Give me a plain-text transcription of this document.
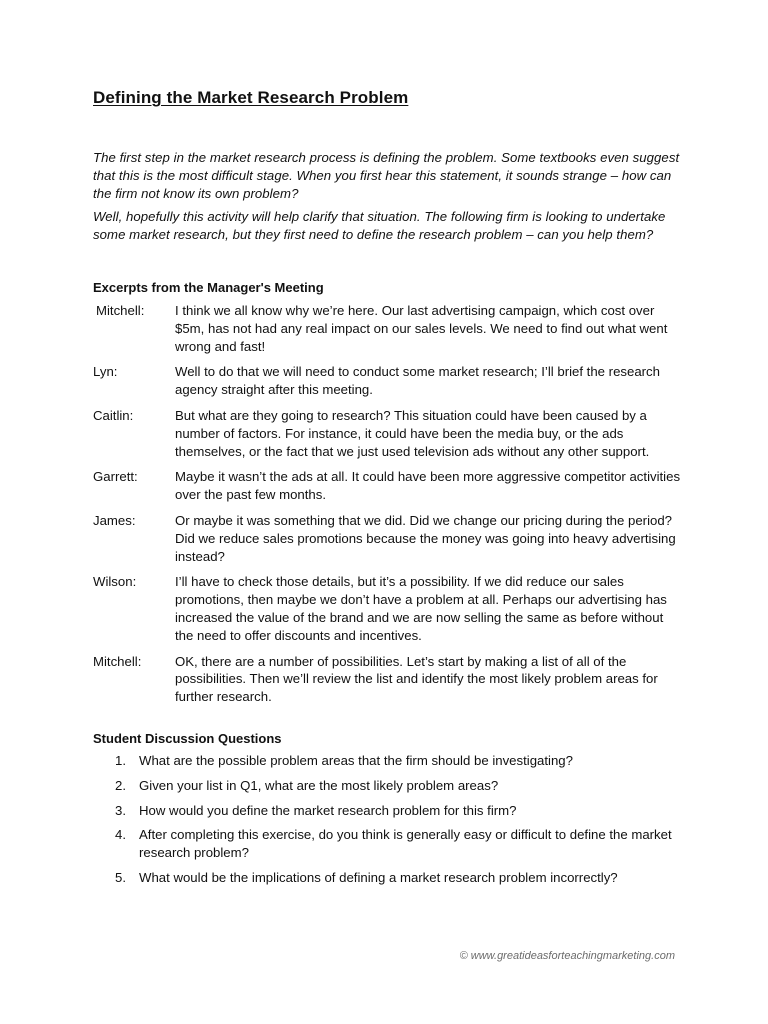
Defining the Market Research Problem

The first step in the market research process is defining the problem. Some textbooks even suggest that this is the most difficult stage. When you first hear this statement, it sounds strange – how can the firm not know its own problem?

Well, hopefully this activity will help clarify that situation. The following firm is looking to undertake some market research, but they first need to define the research problem – can you help them?

Excerpts from the Manager's Meeting
Mitchell:	I think we all know why we’re here. Our last advertising campaign, which cost over $5m, has not had any real impact on our sales levels. We need to find out what went wrong and fast!
Lyn:	Well to do that we will need to conduct some market research; I’ll brief the research agency straight after this meeting.
Caitlin:	But what are they going to research? This situation could have been caused by a number of factors. For instance, it could have been the media buy, or the ads themselves, or the fact that we just used television ads without any other support.
Garrett:	Maybe it wasn’t the ads at all. It could have been more aggressive competitor activities over the past few months.
James:	Or maybe it was something that we did. Did we change our pricing during the period? Did we reduce sales promotions because the money was going into heavy advertising instead?
Wilson:	I’ll have to check those details, but it’s a possibility. If we did reduce our sales promotions, then maybe we don’t have a problem at all. Perhaps our advertising has increased the value of the brand and we are now selling the same as before without the need to offer discounts and incentives.
Mitchell:	OK, there are a number of possibilities. Let’s start by making a list of all of the possibilities. Then we’ll review the list and identify the most likely problem areas for further research.
Student Discussion Questions
1. What are the possible problem areas that the firm should be investigating?
2. Given your list in Q1, what are the most likely problem areas?
3. How would you define the market research problem for this firm?
4. After completing this exercise, do you think is generally easy or difficult to define the market research problem?
5. What would be the implications of defining a market research problem incorrectly?
© www.greatideasforteachingmarketing.com
